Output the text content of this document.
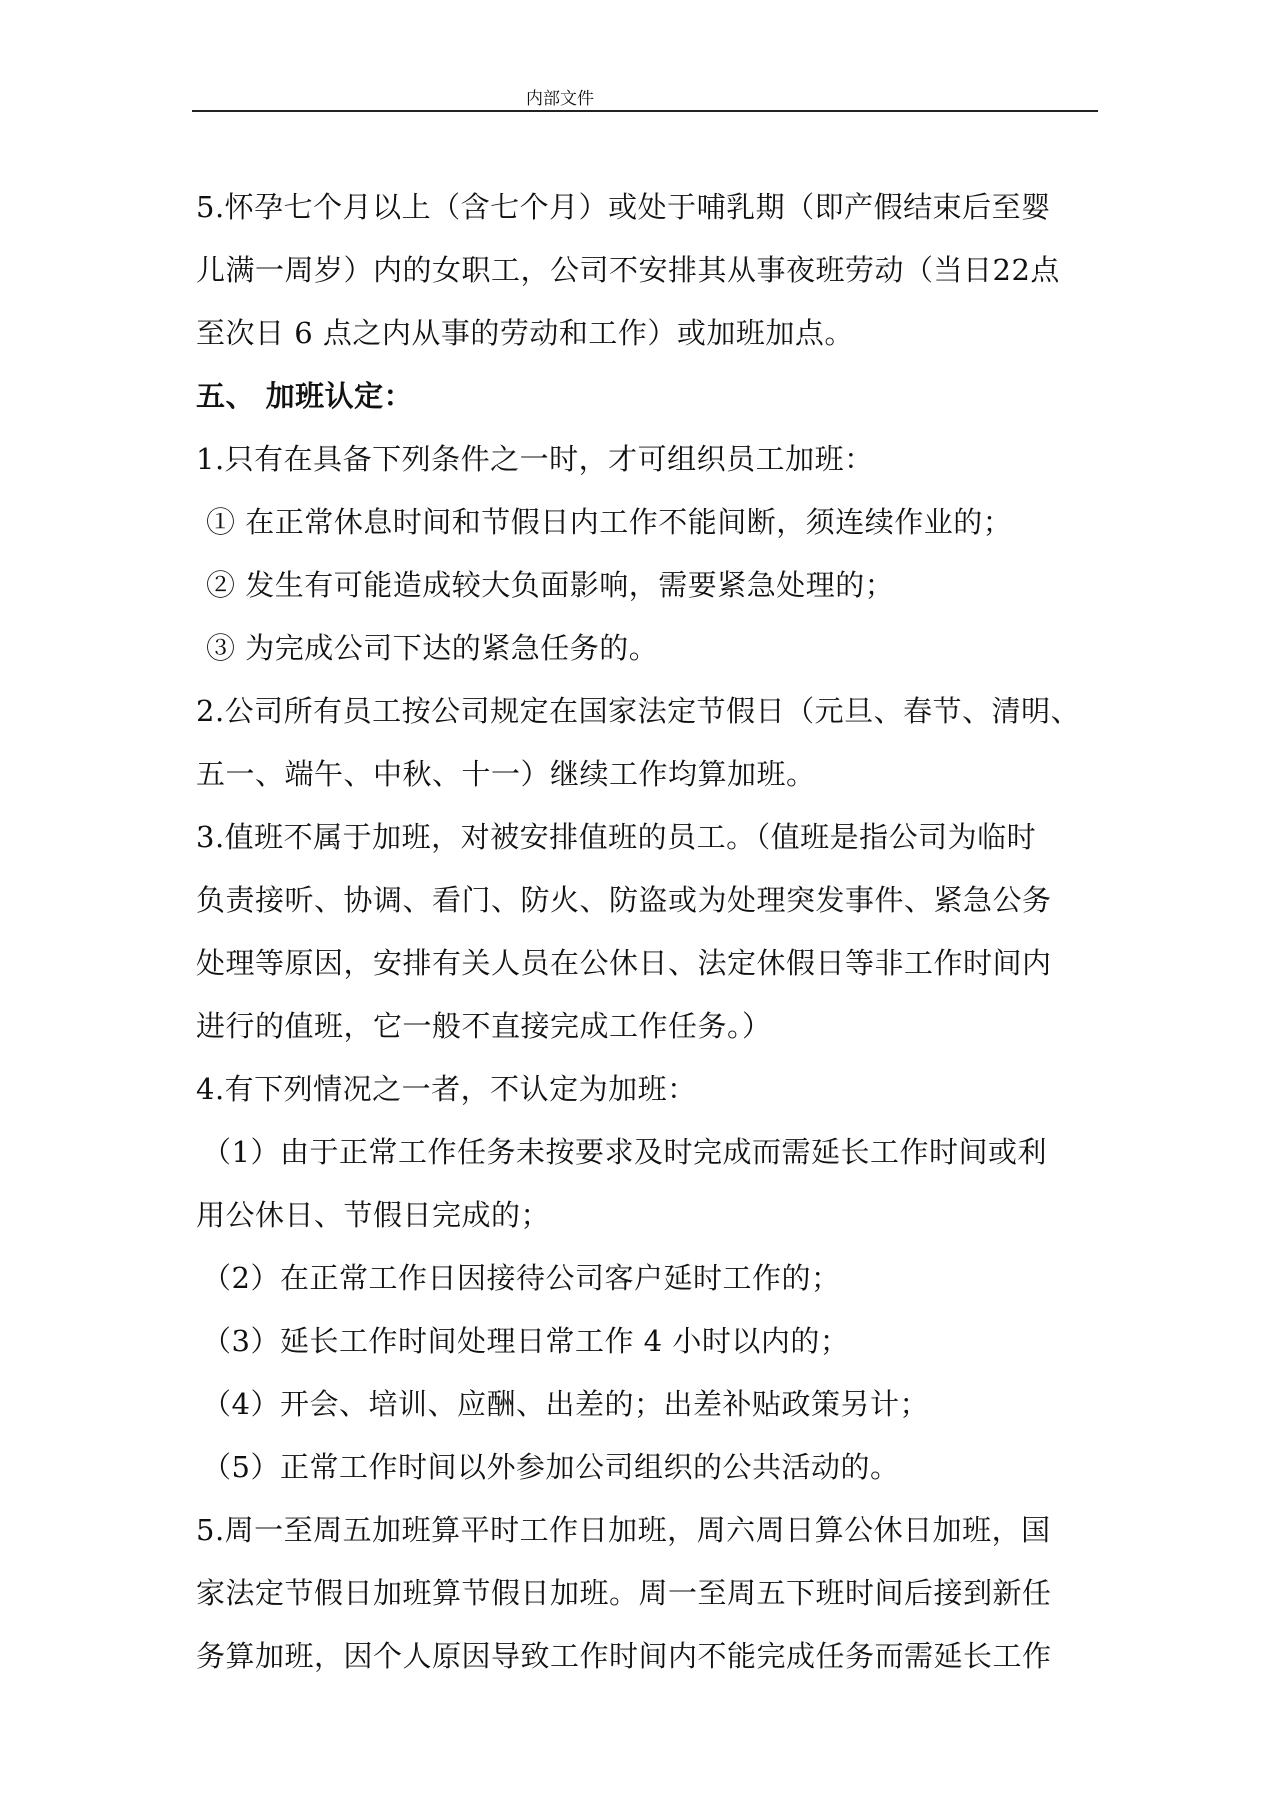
内部文件
5.怀孕七个月以上（含七个月）或处于哺乳期（即产假结束后至婴
儿满一周岁）内的女职工，公司不安排其从事夜班劳动（当日22点
至次日 6 点之内从事的劳动和工作）或加班加点。
五、 加班认定：
1.只有在具备下列条件之一时，才可组织员工加班：
① 在正常休息时间和节假日内工作不能间断，须连续作业的；
② 发生有可能造成较大负面影响，需要紧急处理的；
③ 为完成公司下达的紧急任务的。
2.公司所有员工按公司规定在国家法定节假日（元旦、春节、清明、
五一、端午、中秋、十一）继续工作均算加班。
3.值班不属于加班，对被安排值班的员工。（值班是指公司为临时
负责接听、协调、看门、防火、防盗或为处理突发事件、紧急公务
处理等原因，安排有关人员在公休日、法定休假日等非工作时间内
进行的值班，它一般不直接完成工作任务。）
4.有下列情况之一者，不认定为加班：
（1）由于正常工作任务未按要求及时完成而需延长工作时间或利
用公休日、节假日完成的；
（2）在正常工作日因接待公司客户延时工作的；
（3）延长工作时间处理日常工作 4 小时以内的；
（4）开会、培训、应酬、出差的；出差补贴政策另计；
（5）正常工作时间以外参加公司组织的公共活动的。
5.周一至周五加班算平时工作日加班，周六周日算公休日加班，国
家法定节假日加班算节假日加班。周一至周五下班时间后接到新任
务算加班，因个人原因导致工作时间内不能完成任务而需延长工作
